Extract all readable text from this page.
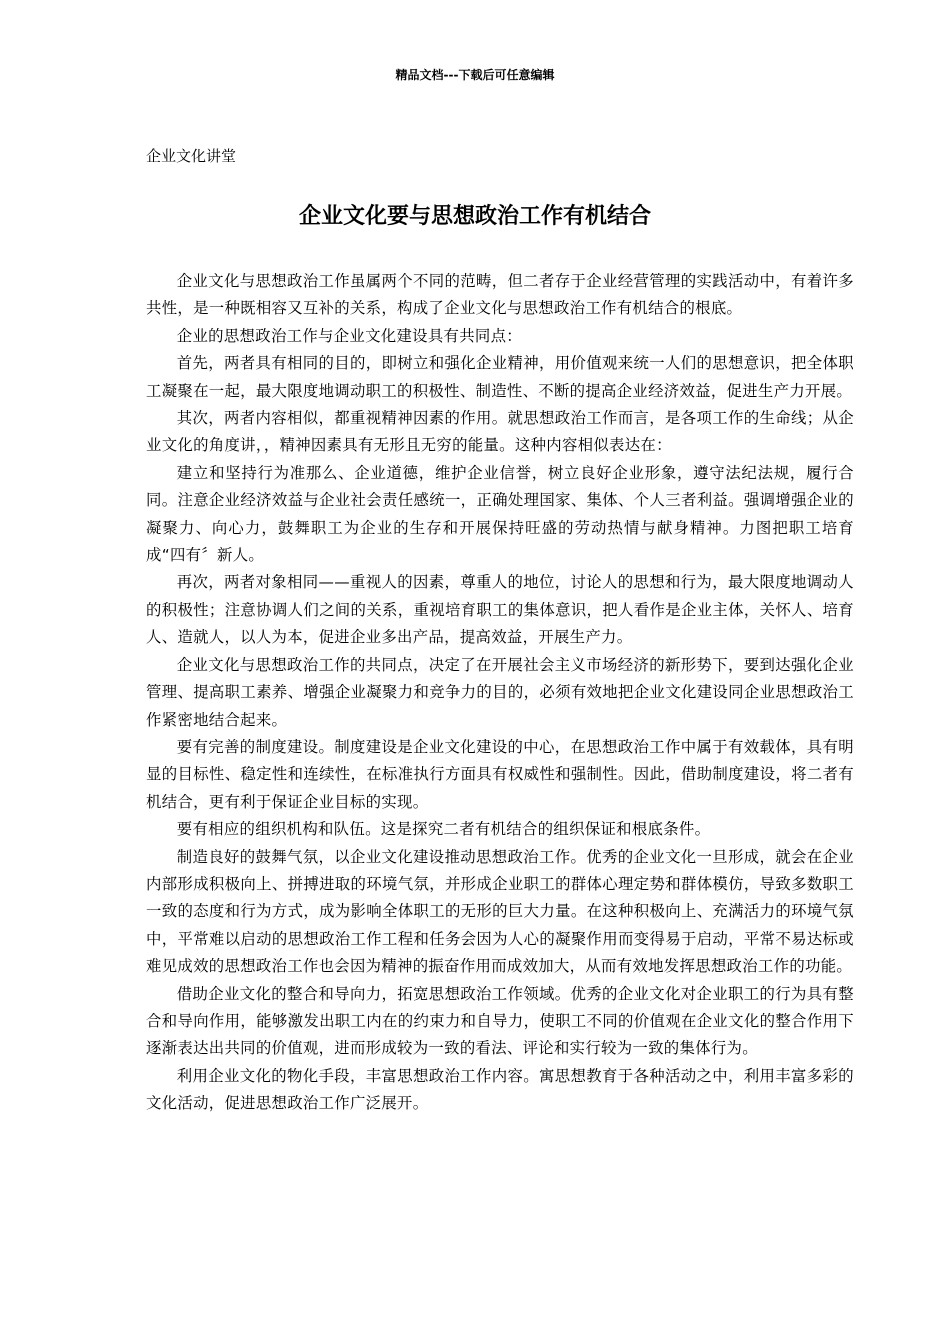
精品文档---下载后可任意编辑
企业文化讲堂
企业文化要与思想政治工作有机结合

企业文化与思想政治工作虽属两个不同的范畴，但二者存于企业经营管理的实践活动中，有着许多共性，是一种既相容又互补的关系，构成了企业文化与思想政治工作有机结合的根底。

企业的思想政治工作与企业文化建设具有共同点：

首先，两者具有相同的目的，即树立和强化企业精神，用价值观来统一人们的思想意识，把全体职工凝聚在一起，最大限度地调动职工的积极性、制造性、不断的提高企业经济效益，促进生产力开展。

其次，两者内容相似，都重视精神因素的作用。就思想政治工作而言，是各项工作的生命线；从企业文化的角度讲，，精神因素具有无形且无穷的能量。这种内容相似表达在：

建立和坚持行为准那么、企业道德，维护企业信誉，树立良好企业形象，遵守法纪法规，履行合同。注意企业经济效益与企业社会责任感统一，正确处理国家、集体、个人三者利益。强调增强企业的凝聚力、向心力，鼓舞职工为企业的生存和开展保持旺盛的劳动热情与献身精神。力图把职工培育成“四有〞新人。

再次，两者对象相同——重视人的因素，尊重人的地位，讨论人的思想和行为，最大限度地调动人的积极性；注意协调人们之间的关系，重视培育职工的集体意识，把人看作是企业主体，关怀人、培育人、造就人，以人为本，促进企业多出产品，提高效益，开展生产力。

企业文化与思想政治工作的共同点，决定了在开展社会主义市场经济的新形势下，要到达强化企业管理、提高职工素养、增强企业凝聚力和竞争力的目的，必须有效地把企业文化建设同企业思想政治工作紧密地结合起来。

要有完善的制度建设。制度建设是企业文化建设的中心，在思想政治工作中属于有效载体，具有明显的目标性、稳定性和连续性，在标准执行方面具有权威性和强制性。因此，借助制度建设，将二者有机结合，更有利于保证企业目标的实现。

要有相应的组织机构和队伍。这是探究二者有机结合的组织保证和根底条件。

制造良好的鼓舞气氛，以企业文化建设推动思想政治工作。优秀的企业文化一旦形成，就会在企业内部形成积极向上、拼搏进取的环境气氛，并形成企业职工的群体心理定势和群体模仿，导致多数职工一致的态度和行为方式，成为影响全体职工的无形的巨大力量。在这种积极向上、充满活力的环境气氛中，平常难以启动的思想政治工作工程和任务会因为人心的凝聚作用而变得易于启动，平常不易达标或难见成效的思想政治工作也会因为精神的振奋作用而成效加大，从而有效地发挥思想政治工作的功能。

借助企业文化的整合和导向力，拓宽思想政治工作领域。优秀的企业文化对企业职工的行为具有整合和导向作用，能够激发出职工内在的约束力和自导力，使职工不同的价值观在企业文化的整合作用下逐渐表达出共同的价值观，进而形成较为一致的看法、评论和实行较为一致的集体行为。

利用企业文化的物化手段，丰富思想政治工作内容。寓思想教育于各种活动之中，利用丰富多彩的文化活动，促进思想政治工作广泛展开。
